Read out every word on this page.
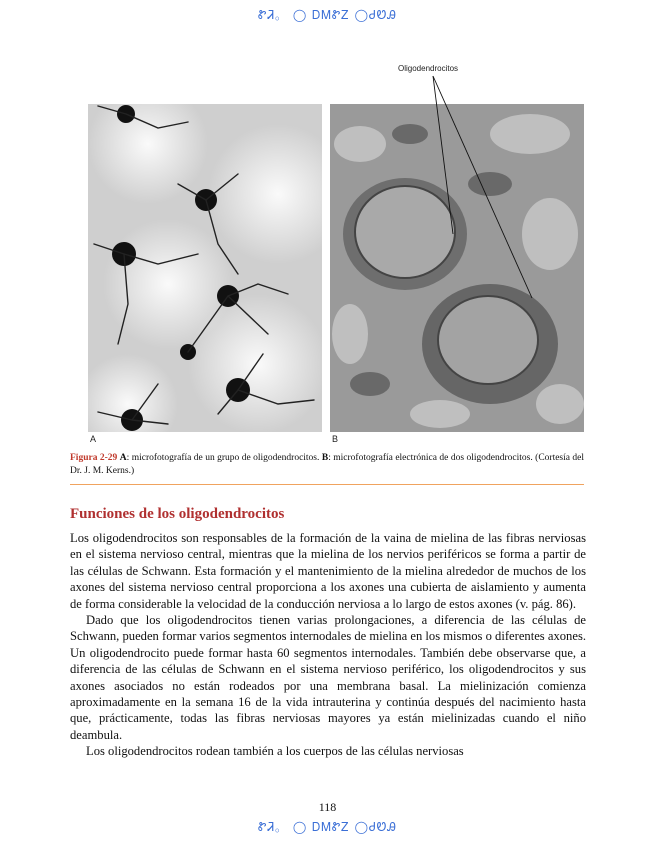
ᏑᏘ。 ◯ ᎠᎷᏑᏃ ◯ᏧᏬᎯ
Oligodendrocitos
A	B
Figura 2-29 A: microfotografía de un grupo de oligodendrocitos. B: microfotografía electrónica de dos oligodendrocitos. (Cortesía del Dr. J. M. Kerns.)
Funciones de los oligodendrocitos

Los oligodendrocitos son responsables de la formación de la vaina de mielina de las fibras nerviosas en el sistema nervioso central, mientras que la mielina de los nervios periféricos se forma a partir de las células de Schwann. Esta formación y el mantenimiento de la mielina alrededor de muchos de los axones del sistema nervioso central proporciona a los axones una cubierta de aislamiento y aumenta de forma considerable la velocidad de la conducción nerviosa a lo largo de estos axones (v. pág. 86).

Dado que los oligodendrocitos tienen varias prolongaciones, a diferencia de las células de Schwann, pueden formar varios segmentos internodales de mielina en los mismos o diferentes axones. Un oligodendrocito puede formar hasta 60 segmentos internodales. También debe observarse que, a diferencia de las células de Schwann en el sistema nervioso periférico, los oligodendrocitos y sus axones asociados no están rodeados por una membrana basal. La mielinización comienza aproximadamente en la semana 16 de la vida intrauterina y continúa después del nacimiento hasta que, prácticamente, todas las fibras nerviosas mayores ya están mielinizadas cuando el niño deambula.

Los oligodendrocitos rodean también a los cuerpos de las células nerviosas

118
ᏑᏘ。 ◯ ᎠᎷᏑᏃ ◯ᏧᏬᎯ
